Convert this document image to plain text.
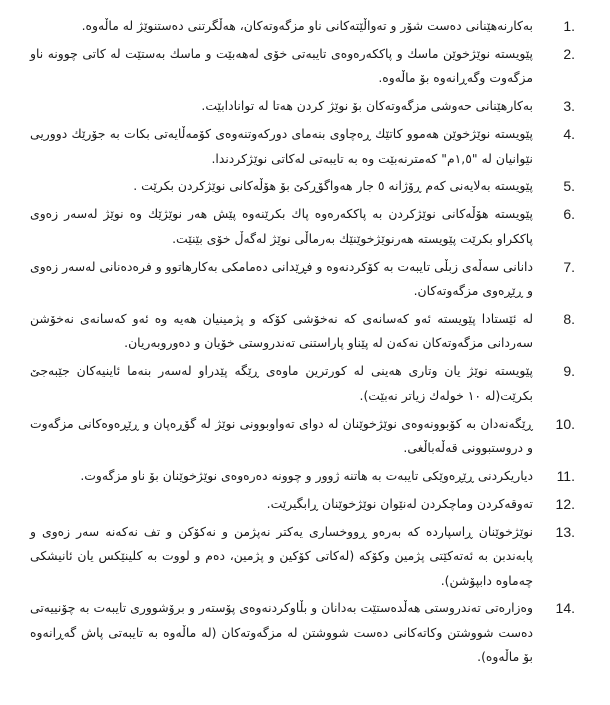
1.
بەکارنەهێنانی دەست شۆر و تەواڵێتەکانی ناو مزگەوتەکان، هەڵگرتنی دەستنوێژ لە ماڵەوە.
2.
پێویستە نوێژخوێن ماسك و پاككەرەوەی تایبەتی خۆی لەهەبێت و ماسك بەستێت لە كاتی چوونە ناو مزگەوت وگەڕانەوە بۆ ماڵەوە.
3.
بەکارهێنانی حەوشی مزگەوتەکان بۆ نوێژ کردن هەتا لە توانادابێت.
4.
پێویستە نوێژخوێن هەموو کاتێك ڕەچاوی بنەمای دوركەوتنەوەی كۆمەڵایەتی بكات بە جۆرێك دووریی نێوانیان لە "١,٥م" کەمترنەبێت وە بە تایبەتی لەکاتی نوێژکردندا.
5.
پێویستە بەلایەنی کەم ڕۆژانە ٥ جار هەواگۆڕکێ بۆ هۆڵەکانی نوێژکردن بکرێت .
6.
پێویستە هۆڵەکانی نوێژکردن بە پاککەرەوە پاك بکرێنەوە پێش هەر نوێژێك وە نوێژ لەسەر زەوی پاککراو بکرێت پێویستە هەرنوێژخوێنێك بەرماڵی نوێژ لەگەڵ خۆی بێنێت.
7.
دانانی سەڵەی زبڵی تایبەت بە كۆكردنەوە و فڕێدانی دەمامکی بەکارهاتوو و فرەدەنانی لەسەر زەوی و ڕێڕەوی مزگەوتەکان.
8.
لە ئێستادا پێویستە ئەو کەسانەی کە نەخۆشی کۆکە و پژمینیان هەیە وە ئەو کەسانەی نەخۆشن سەردانی مزگەوتەکان نەکەن لە پێناو پاراستنی تەندروستی خۆیان و دەوروبەریان.
9.
پێویستە نوێژ یان وتاری هەینی لە کورترین ماوەی ڕێگە پێدراو لەسەر بنەما ئاینیەکان جێبەجێ بکرێت(لە ١٠ خولەك زیاتر نەبێت).
10.
ڕێگەنەدان بە کۆبوونەوەی نوێژخوێنان لە دوای تەواوبوونی نوێژ لە گۆڕەپان و ڕێڕەوەکانی مزگەوت و دروستبوونی قەڵەباڵغی.
11.
دیاریکردنی ڕێڕەوێکی تایبەت بە هاتنە ژوور و چوونە دەرەوەی نوێژخوێنان بۆ ناو مزگەوت.
12.
تەوقەکردن وماچکردن لەنێوان نوێژخوێنان ڕابگیرێت.
13.
نوێژخوێنان ڕاسپاردە کە بەرەو ڕووخساری یەکتر نەپژمن و نەكۆكن و تف نەكەنە سەر زەوی و پابەندبن بە ئەتەکێتی پژمین وكۆکە (لەکاتی کۆکین و پژمین، دەم و لووت بە کلینێکس یان ئانیشکی چەماوە دابپۆشن).
14.
وەزارەتی تەندروستی هەڵدەستێت بەدانان و بڵاوکردنەوەی پۆستەر و برۆشووری تایبەت بە چۆنییەتی دەست شووشتن وکاتەکانی دەست شووشتن لە مزگەوتەکان (لە ماڵەوە بە تایبەتی پاش گەڕانەوە بۆ ماڵەوە).
